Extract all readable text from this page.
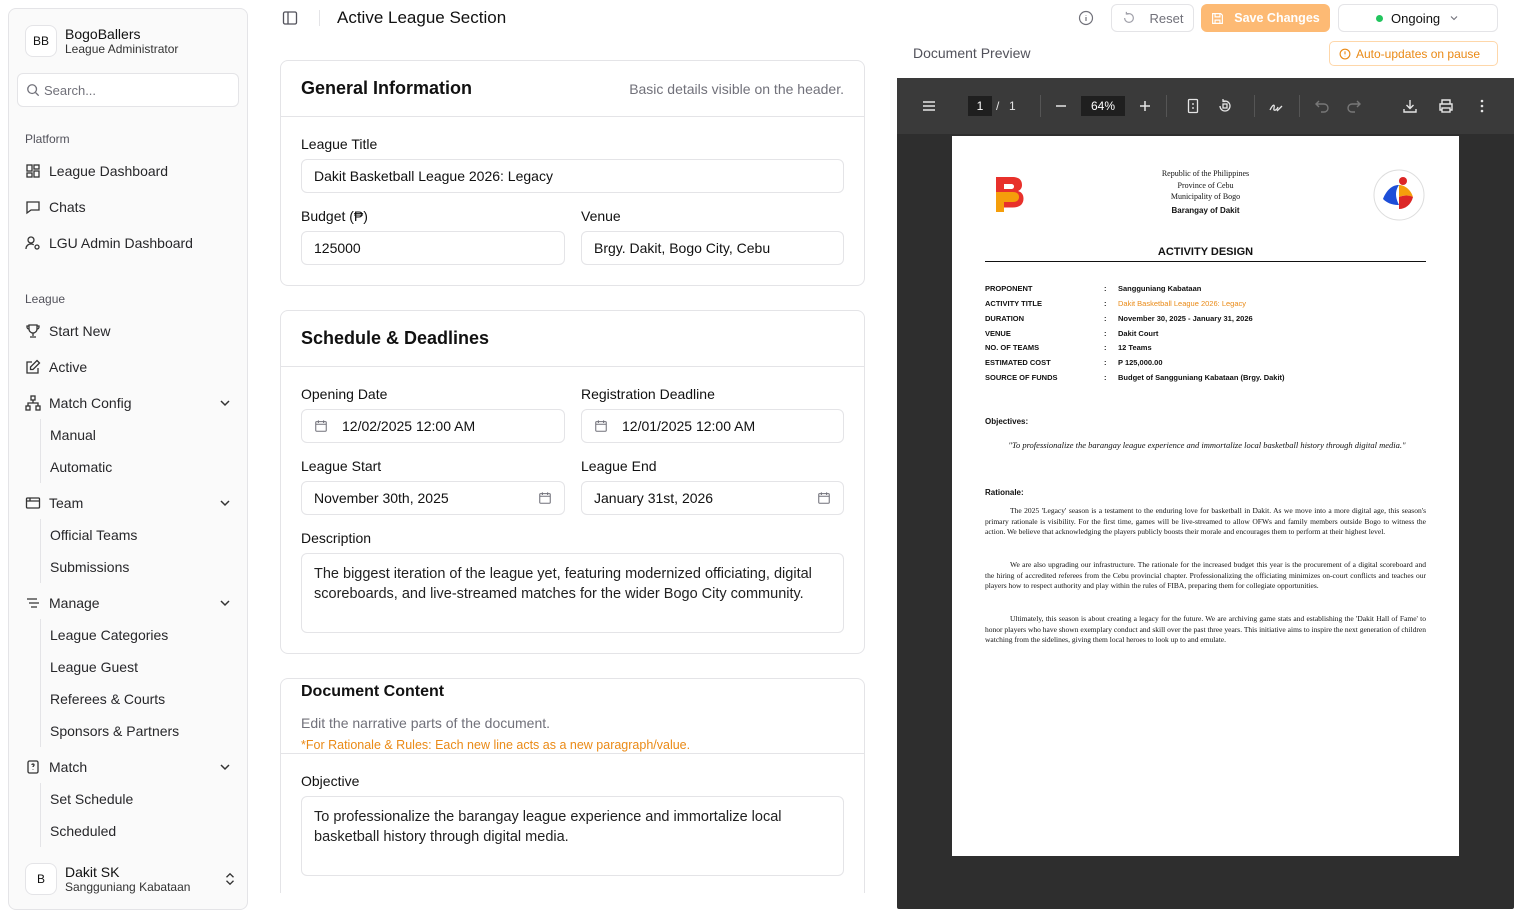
BB	BogoBallers
League Administrator
Search...
Platform
League Dashboard
Chats
LGU Admin Dashboard
League
Start New
Active
Match Config
Manual
Automatic
Team
Official Teams
Submissions
Manage
League Categories
League Guest
Referees & Courts
Sponsors & Partners
Match
Set Schedule
Scheduled
B	Dakit SK
Sangguniang Kabataan
Active League Section	Reset	Save Changes	Ongoing
Document Preview	Auto-updates on pause
General Information	Basic details visible on the header.
League Title
Dakit Basketball League 2026: Legacy
Budget (₱)
125000
Venue
Brgy. Dakit, Bogo City, Cebu
Schedule & Deadlines
Opening Date
12/02/2025 12:00 AM
Registration Deadline
12/01/2025 12:00 AM
League Start
November 30th, 2025
League End
January 31st, 2026
Description
The biggest iteration of the league yet, featuring modernized officiating, digital scoreboards, and live-streamed matches for the wider Bogo City community.
Document Content
Edit the narrative parts of the document.
*For Rationale & Rules: Each new line acts as a new paragraph/value.
Objective
To professionalize the barangay league experience and immortalize local basketball history through digital media.
1	/ 1	64%
Republic of the Philippines
Province of Cebu
Municipality of Bogo
Barangay of Dakit
ACTIVITY DESIGN
PROPONENT	:	Sangguniang Kabataan
ACTIVITY TITLE	:	Dakit Basketball League 2026: Legacy
DURATION	:	November 30, 2025 - January 31, 2026
VENUE	:	Dakit Court
NO. OF TEAMS	:	12 Teams
ESTIMATED COST	:	P 125,000.00
SOURCE OF FUNDS	:	Budget of Sangguniang Kabataan (Brgy. Dakit)
Objectives:
"To professionalize the barangay league experience and immortalize local basketball history through digital media."
Rationale:
The 2025 'Legacy' season is a testament to the enduring love for basketball in Dakit. As we move into a more digital age, this season's primary rationale is visibility. For the first time, games will be live-streamed to allow OFWs and family members outside Bogo to witness the action. We believe that acknowledging the players publicly boosts their morale and encourages them to perform at their highest level.
We are also upgrading our infrastructure. The rationale for the increased budget this year is the procurement of a digital scoreboard and the hiring of accredited referees from the Cebu provincial chapter. Professionalizing the officiating minimizes on-court conflicts and teaches our players how to respect authority and play within the rules of FIBA, preparing them for collegiate opportunities.
Ultimately, this season is about creating a legacy for the future. We are archiving game stats and establishing the 'Dakit Hall of Fame' to honor players who have shown exemplary conduct and skill over the past three years. This initiative aims to inspire the next generation of children watching from the sidelines, giving them local heroes to look up to and emulate.
